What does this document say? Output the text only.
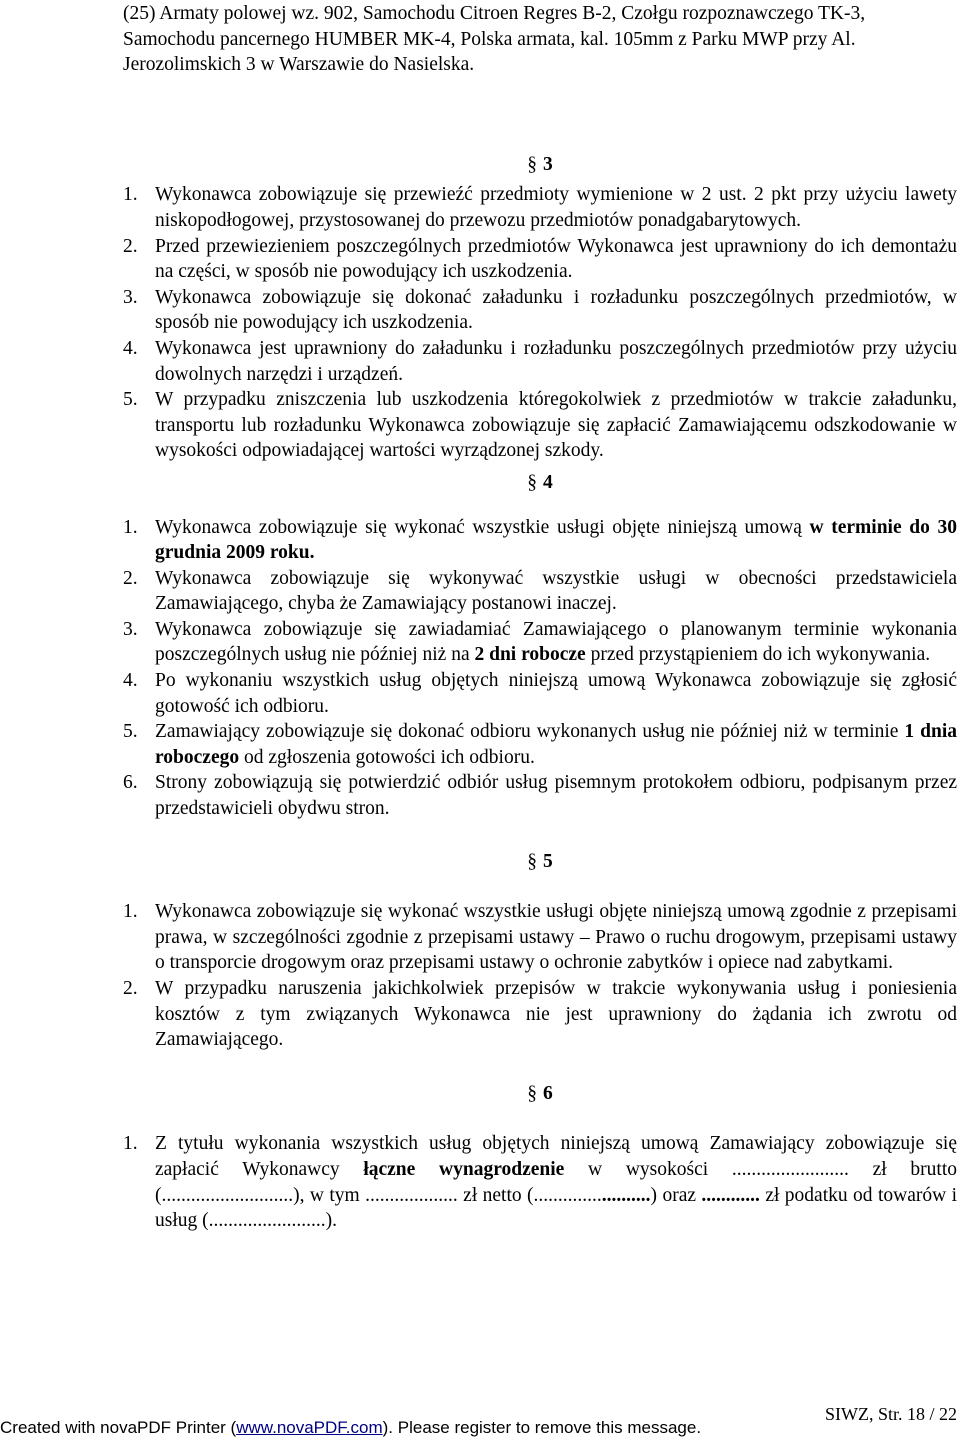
(25) Armaty polowej wz. 902, Samochodu Citroen Regres B-2, Czołgu rozpoznawczego TK-3, Samochodu pancernego HUMBER MK-4, Polska armata, kal. 105mm z Parku MWP przy Al. Jerozolimskich 3 w Warszawie do Nasielska.

§ 3

1. Wykonawca zobowiązuje się przewieźć przedmioty wymienione w 2 ust. 2 pkt przy użyciu lawety niskopodłogowej, przystosowanej do przewozu przedmiotów ponadgabarytowych.
2. Przed przewiezieniem poszczególnych przedmiotów Wykonawca jest uprawniony do ich demontażu na części, w sposób nie powodujący ich uszkodzenia.
3. Wykonawca zobowiązuje się dokonać załadunku i rozładunku poszczególnych przedmiotów, w sposób nie powodujący ich uszkodzenia.
4. Wykonawca jest uprawniony do załadunku i rozładunku poszczególnych przedmiotów przy użyciu dowolnych narzędzi i urządzeń.
5. W przypadku zniszczenia lub uszkodzenia któregokolwiek z przedmiotów w trakcie załadunku, transportu lub rozładunku Wykonawca zobowiązuje się zapłacić Zamawiającemu odszkodowanie w wysokości odpowiadającej wartości wyrządzonej szkody.

§ 4

1. Wykonawca zobowiązuje się wykonać wszystkie usługi objęte niniejszą umową w terminie do 30 grudnia 2009 roku.
2. Wykonawca zobowiązuje się wykonywać wszystkie usługi w obecności przedstawiciela Zamawiającego, chyba że Zamawiający postanowi inaczej.
3. Wykonawca zobowiązuje się zawiadamiać Zamawiającego o planowanym terminie wykonania poszczególnych usług nie później niż na 2 dni robocze przed przystąpieniem do ich wykonywania.
4. Po wykonaniu wszystkich usług objętych niniejszą umową Wykonawca zobowiązuje się zgłosić gotowość ich odbioru.
5. Zamawiający zobowiązuje się dokonać odbioru wykonanych usług nie później niż w terminie 1 dnia roboczego od zgłoszenia gotowości ich odbioru.
6. Strony zobowiązują się potwierdzić odbiór usług pisemnym protokołem odbioru, podpisanym przez przedstawicieli obydwu stron.

§ 5

1. Wykonawca zobowiązuje się wykonać wszystkie usługi objęte niniejszą umową zgodnie z przepisami prawa, w szczególności zgodnie z przepisami ustawy – Prawo o ruchu drogowym, przepisami ustawy o transporcie drogowym oraz przepisami ustawy o ochronie zabytków i opiece nad zabytkami.
2. W przypadku naruszenia jakichkolwiek przepisów w trakcie wykonywania usług i poniesienia kosztów z tym związanych Wykonawca nie jest uprawniony do żądania ich zwrotu od Zamawiającego.

§ 6

1. Z tytułu wykonania wszystkich usług objętych niniejszą umową Zamawiający zobowiązuje się zapłacić Wykonawcy łączne wynagrodzenie w wysokości ........................ zł brutto (...........................), w tym ................... zł netto (........................) oraz ............ zł podatku od towarów i usług (........................).
SIWZ, Str. 18 / 22
Created with novaPDF Printer (www.novaPDF.com). Please register to remove this message.
